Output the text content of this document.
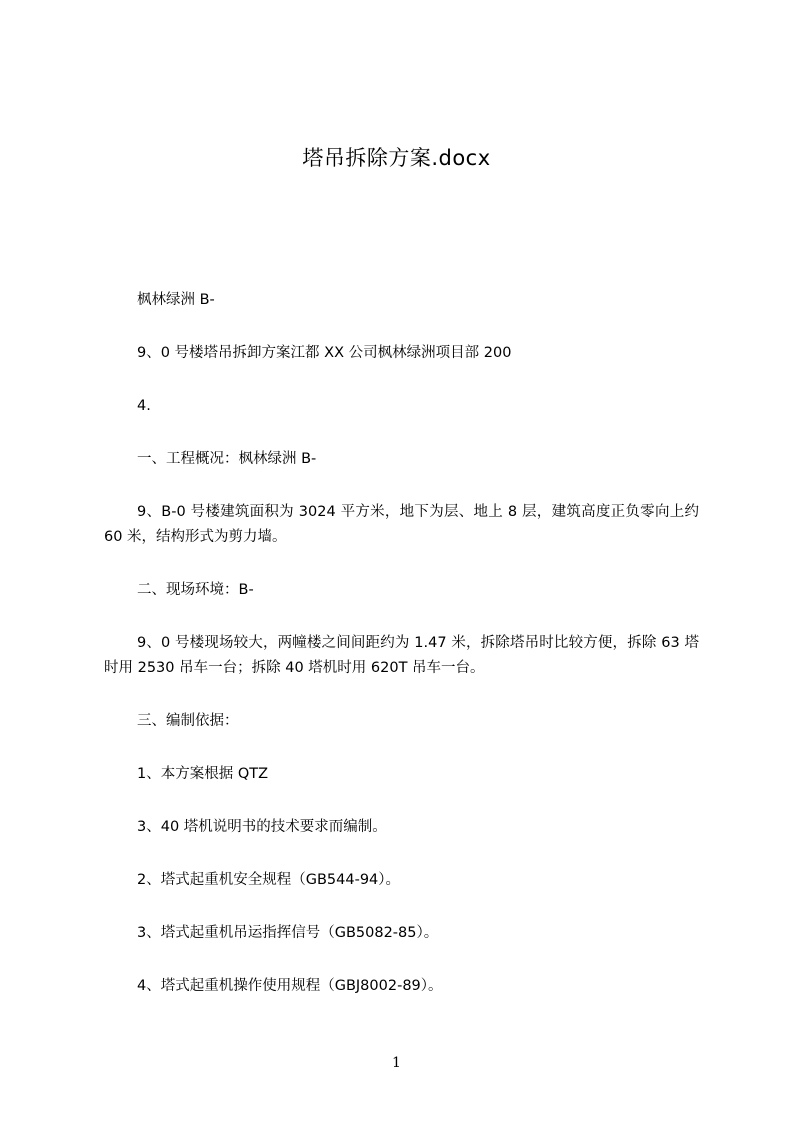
塔吊拆除方案.docx

枫林绿洲 B-

9、0 号楼塔吊拆卸方案江都 XX 公司枫林绿洲项目部 200

4.

一、工程概况：枫林绿洲 B-

9、B-0 号楼建筑面积为 3024 平方米，地下为层、地上 8 层，建筑高度正负零向上约 60 米，结构形式为剪力墙。

二、现场环境：B-

9、0 号楼现场较大，两幢楼之间间距约为 1.47 米，拆除塔吊时比较方便，拆除 63 塔时用 2530 吊车一台；拆除 40 塔机时用 620T 吊车一台。

三、编制依据：

1、本方案根据 QTZ

3、40 塔机说明书的技术要求而编制。

2、塔式起重机安全规程（GB544-94）。

3、塔式起重机吊运指挥信号（GB5082-85）。

4、塔式起重机操作使用规程（GBJ8002-89）。

1
